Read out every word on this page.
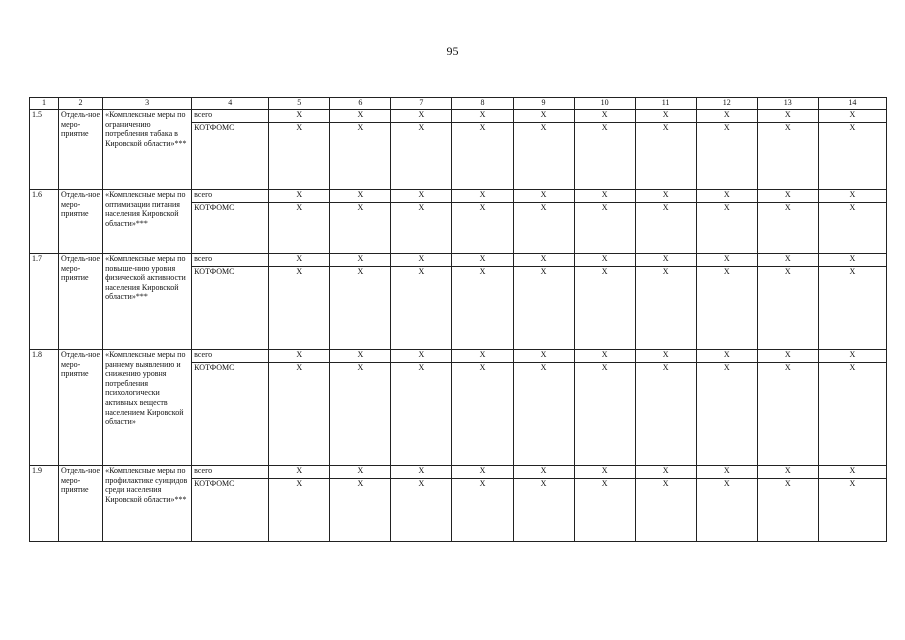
95
1	2	3	4	5	6	7	8	9	10	11	12	13	14
1.5	Отдель-ное меро-приятие	«Комплексные меры по ограничению потребления табака в Кировской области»***	всего	X	X	X	X	X	X	X	X	X	X
			КОТФОМС	X	X	X	X	X	X	X	X	X	X
1.6	Отдель-ное меро-приятие	«Комплексные меры по оптимизации питания населения Кировской области»***	всего	X	X	X	X	X	X	X	X	X	X
			КОТФОМС	X	X	X	X	X	X	X	X	X	X
1.7	Отдель-ное меро-приятие	«Комплексные меры по повыше-нию уровня физической активности населения Кировской области»***	всего	X	X	X	X	X	X	X	X	X	X
			КОТФОМС	X	X	X	X	X	X	X	X	X	X
1.8	Отдель-ное меро-приятие	«Комплексные меры по раннему выявлению и снижению уровня потребления психологически активных веществ населением Кировской области»	всего	X	X	X	X	X	X	X	X	X	X
			КОТФОМС	X	X	X	X	X	X	X	X	X	X
1.9	Отдель-ное меро-приятие	«Комплексные меры по профилактике суицидов среди населения Кировской области»***	всего	X	X	X	X	X	X	X	X	X	X
			КОТФОМС	X	X	X	X	X	X	X	X	X	X
